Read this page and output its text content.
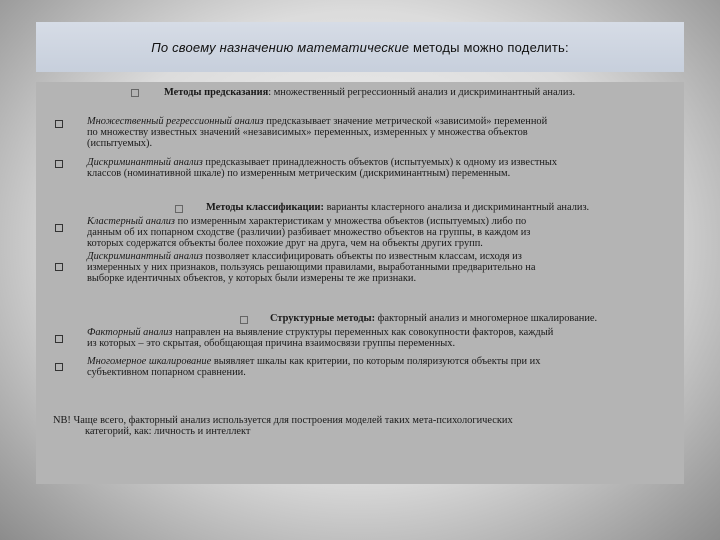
По своему назначению математические методы можно поделить:
Методы предсказания: множественный регрессионный анализ и дискриминантный анализ.
Множественный регрессионный анализ предсказывает значение метрической «зависимой» переменной
по множеству известных значений «независимых» переменных, измеренных у множества объектов
(испытуемых).
Дискриминантный анализ предсказывает принадлежность объектов (испытуемых) к одному из известных
классов (номинативной шкале) по измеренным метрическим (дискриминантным) переменным.
Методы классификации: варианты кластерного анализа и дискриминантный анализ.
Кластерный анализ по измеренным характеристикам у множества объектов (испытуемых) либо по
данным об их попарном сходстве (различии) разбивает множество объектов на группы, в каждом из
которых содержатся объекты более похожие друг на друга, чем на объекты других групп.
Дискриминантный анализ позволяет классифицировать объекты по известным классам, исходя из
измеренных у них признаков, пользуясь решающими правилами, выработанными предварительно на
выборке идентичных объектов, у которых были измерены те же признаки.
Структурные методы: факторный анализ и многомерное шкалирование.
Факторный анализ направлен на выявление структуры переменных как совокупности факторов, каждый
из которых – это скрытая, обобщающая причина взаимосвязи группы переменных.
Многомерное шкалирование выявляет шкалы как критерии, по которым поляризуются объекты при их
субъективном попарном сравнении.
NB! Чаще всего, факторный анализ используется для построения моделей таких мета-психологических
категорий, как: личность и интеллект
